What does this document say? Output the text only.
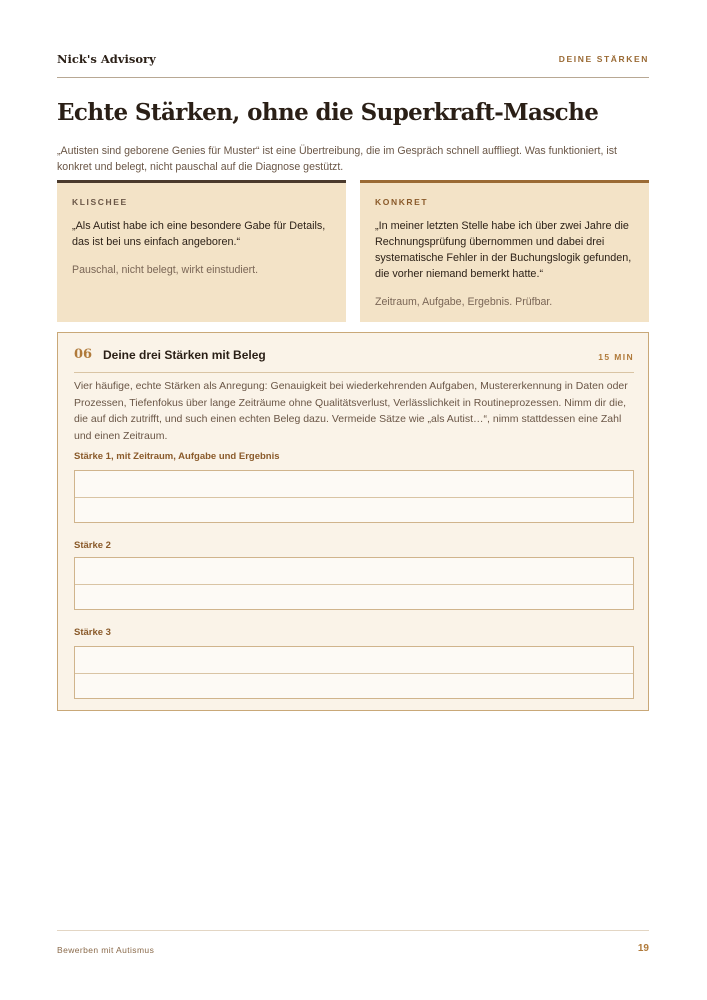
Nick's Advisory	DEINE STÄRKEN
Echte Stärken, ohne die Superkraft-Masche

„Autisten sind geborene Genies für Muster“ ist eine Übertreibung, die im Gespräch schnell auffliegt. Was funktioniert, ist konkret und belegt, nicht pauschal auf die Diagnose gestützt.

KLISCHEE
„Als Autist habe ich eine besondere Gabe für Details, das ist bei uns einfach angeboren.“
Pauschal, nicht belegt, wirkt einstudiert.
KONKRET
„In meiner letzten Stelle habe ich über zwei Jahre die Rechnungsprüfung übernommen und dabei drei systematische Fehler in der Buchungslogik gefunden, die vorher niemand bemerkt hatte.“
Zeitraum, Aufgabe, Ergebnis. Prüfbar.
06 Deine drei Stärken mit Beleg	15 MIN

Vier häufige, echte Stärken als Anregung: Genauigkeit bei wiederkehrenden Aufgaben, Mustererkennung in Daten oder Prozessen, Tiefenfokus über lange Zeiträume ohne Qualitätsverlust, Verlässlichkeit in Routineprozessen. Nimm dir die, die auf dich zutrifft, und such einen echten Beleg dazu. Vermeide Sätze wie „als Autist…“, nimm stattdessen eine Zahl und einen Zeitraum.

Stärke 1, mit Zeitraum, Aufgabe und Ergebnis
Stärke 2
Stärke 3
Bewerben mit Autismus	19
